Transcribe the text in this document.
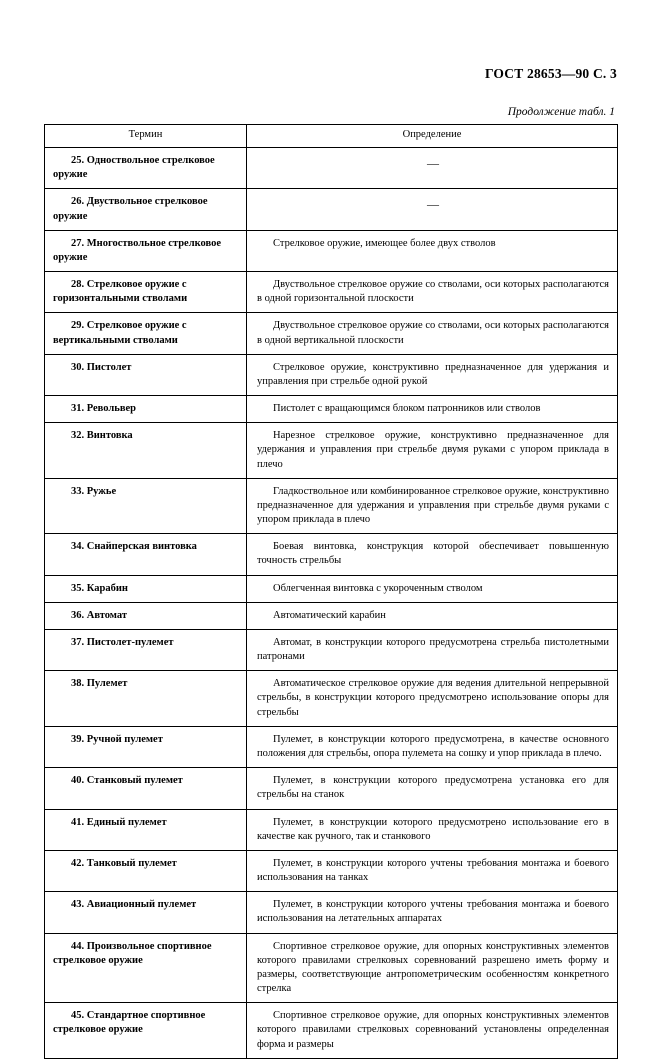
ГОСТ 28653—90 С. 3
Продолжение табл. 1
Термин	Определение

25. Одноствольное стрелковое оружие	—

26. Двуствольное стрелковое оружие	—

27. Многоствольное стрелковое оружие	Стрелковое оружие, имеющее более двух стволов

28. Стрелковое оружие с горизонтальными стволами	Двуствольное стрелковое оружие со стволами, оси которых располагаются в одной горизонтальной плоскости

29. Стрелковое оружие с вертикальными стволами	Двуствольное стрелковое оружие со стволами, оси которых располагаются в одной вертикальной плоскости

30. Пистолет	Стрелковое оружие, конструктивно предназначенное для удержания и управления при стрельбе одной рукой

31. Револьвер	Пистолет с вращающимся блоком патронников или стволов

32. Винтовка	Нарезное стрелковое оружие, конструктивно предназначенное для удержания и управления при стрельбе двумя руками с упором приклада в плечо

33. Ружье	Гладкоствольное или комбинированное стрелковое оружие, конструктивно предназначенное для удержания и управления при стрельбе двумя руками с упором приклада в плечо

34. Снайперская винтовка	Боевая винтовка, конструкция которой обеспечивает повышенную точность стрельбы

35. Карабин	Облегченная винтовка с укороченным стволом

36. Автомат	Автоматический карабин

37. Пистолет-пулемет	Автомат, в конструкции которого предусмотрена стрельба пистолетными патронами

38. Пулемет	Автоматическое стрелковое оружие для ведения длительной непрерывной стрельбы, в конструкции которого предусмотрено использование опоры для стрельбы

39. Ручной пулемет	Пулемет, в конструкции которого предусмотрена, в качестве основного положения для стрельбы, опора пулемета на сошку и упор приклада в плечо.

40. Станковый пулемет	Пулемет, в конструкции которого предусмотрена установка его для стрельбы на станок

41. Единый пулемет	Пулемет, в конструкции которого предусмотрено использование его в качестве как ручного, так и станкового

42. Танковый пулемет	Пулемет, в конструкции которого учтены требования монтажа и боевого использования на танках

43. Авиационный пулемет	Пулемет, в конструкции которого учтены требования монтажа и боевого использования на летательных аппаратах

44. Произвольное спортивное стрелковое оружие	Спортивное стрелковое оружие, для опорных конструктивных элементов которого правилами стрелковых соревнований разрешено иметь форму и размеры, соответствующие антропометрическим особенностям конкретного стрелка

45. Стандартное спортивное стрелковое оружие	Спортивное стрелковое оружие, для опорных конструктивных элементов которого правилами стрелковых соревнований установлены определенная форма и размеры
